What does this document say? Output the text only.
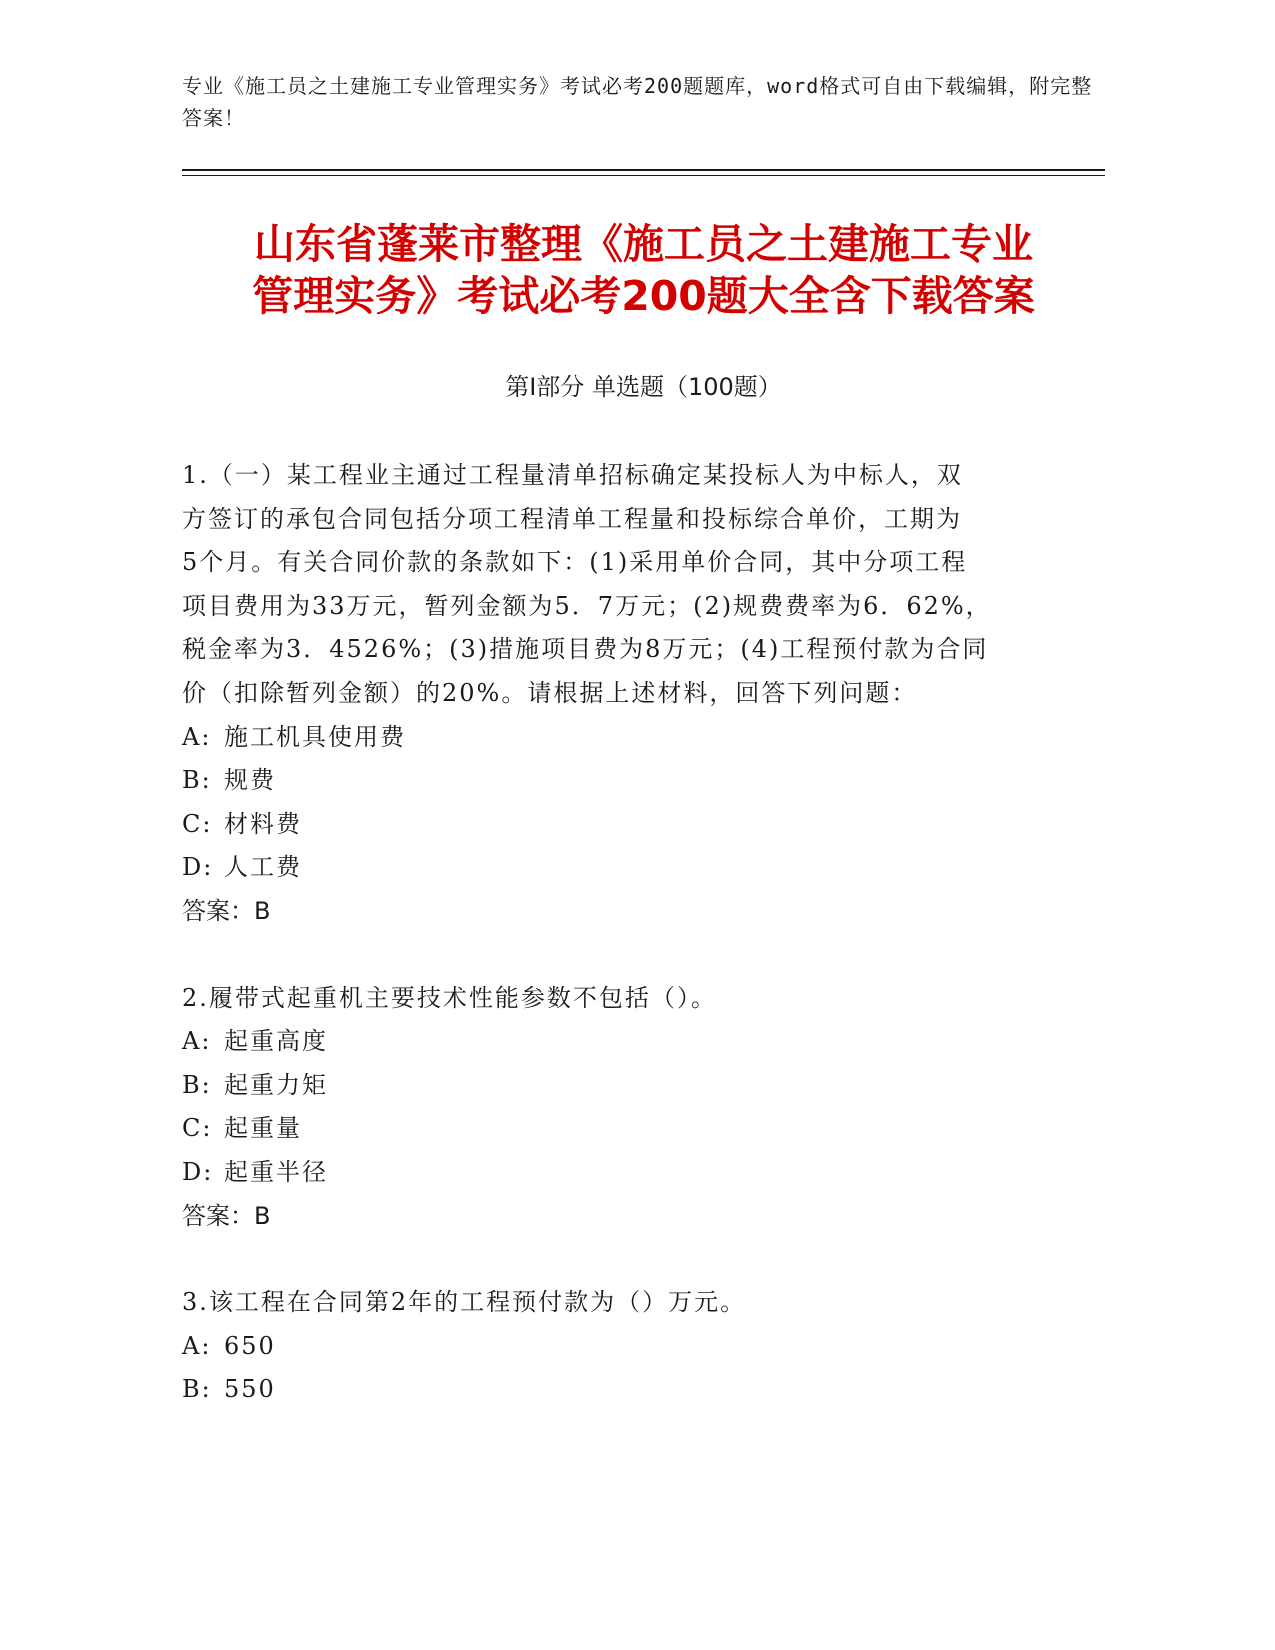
专业《施工员之土建施工专业管理实务》考试必考200题题库，word格式可自由下载编辑，附完整答案！
山东省蓬莱市整理《施工员之土建施工专业
管理实务》考试必考200题大全含下载答案
第Ⅰ部分 单选题（100题）
1.（一）某工程业主通过工程量清单招标确定某投标人为中标人，双
方签订的承包合同包括分项工程清单工程量和投标综合单价，工期为
5个月。有关合同价款的条款如下：(1)采用单价合同，其中分项工程
项目费用为33万元，暂列金额为5．7万元；(2)规费费率为6．62%，
税金率为3．4526%；(3)措施项目费为8万元；(4)工程预付款为合同
价（扣除暂列金额）的20%。请根据上述材料，回答下列问题：
A: 施工机具使用费
B: 规费
C: 材料费
D: 人工费
答案：B
2.履带式起重机主要技术性能参数不包括（）。
A: 起重高度
B: 起重力矩
C: 起重量
D: 起重半径
答案：B
3.该工程在合同第2年的工程预付款为（）万元。
A: 650
B: 550
